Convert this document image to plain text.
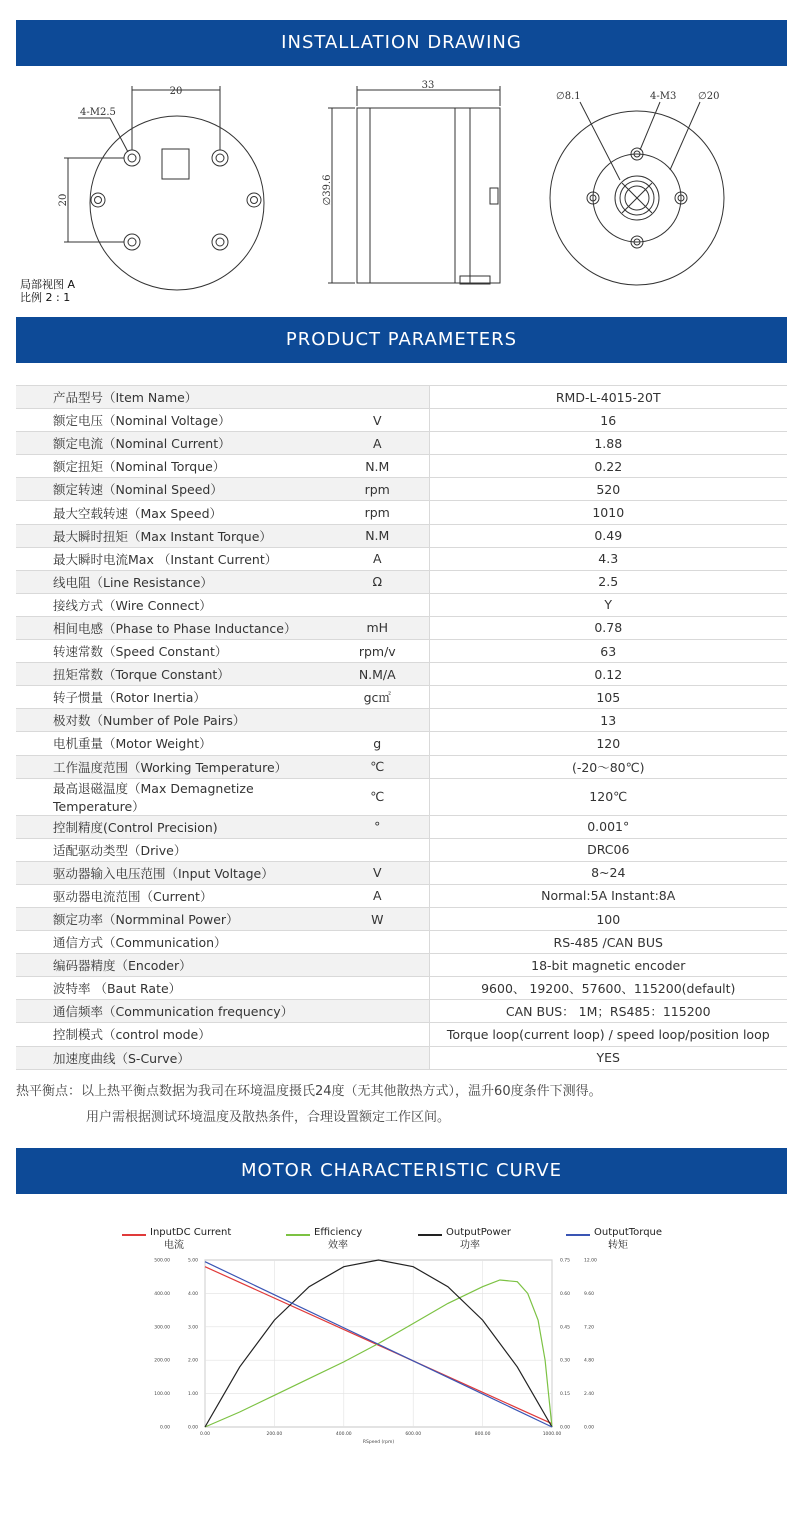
INSTALLATION DRAWING
20
20
4-M2.5
33
∅39.6
∅8.1	4-M3 ∅20
局部视图 A
比例 2 : 1
PRODUCT PARAMETERS
产品型号（Item Name）		RMD-L-4015-20T
额定电压（Nominal Voltage）	V	16
额定电流（Nominal Current）	A	1.88
额定扭矩（Nominal Torque）	N.M	0.22
额定转速（Nominal Speed）	rpm	520
最大空载转速（Max Speed）	rpm	1010
最大瞬时扭矩（Max Instant Torque）	N.M	0.49
最大瞬时电流Max （Instant Current）	A	4.3
线电阻（Line Resistance）	Ω	2.5
接线方式（Wire Connect）		Y
相间电感（Phase to Phase Inductance）	mH	0.78
转速常数（Speed Constant）	rpm/v	63
扭矩常数（Torque Constant）	N.M/A	0.12
转子惯量（Rotor Inertia）	gc㎡	105
极对数（Number of Pole Pairs）		13
电机重量（Motor Weight）	g	120
工作温度范围（Working Temperature）	℃	(-20～80℃)
最高退磁温度（Max Demagnetize Temperature）	℃	120℃
控制精度(Control Precision)	°	0.001°
适配驱动类型（Drive）		DRC06
驱动器输入电压范围（Input Voltage）	V	8~24
驱动器电流范围（Current）	A	Normal:5A Instant:8A
额定功率（Normminal Power）	W	100
通信方式（Communication）		RS-485 /CAN BUS
编码器精度（Encoder）		18-bit magnetic encoder
波特率 （Baut Rate）		9600、 19200、57600、115200(default)
通信频率（Communication frequency）		CAN BUS： 1M；RS485：115200
控制模式（control mode）		Torque loop(current loop) / speed loop/position loop
加速度曲线（S-Curve）		YES
热平衡点：以上热平衡点数据为我司在环境温度摄氏24度（无其他散热方式），温升60度条件下测得。
用户需根据测试环境温度及散热条件，合理设置额定工作区间。
MOTOR CHARACTERISTIC CURVE
InputDC Current
电流
Efficiency
效率
OutputPower
功率
OutputTorque
转矩
0.00	200.00	400.00	600.00	800.00	1000.00
0.00	0.00	0.00	0.00
100.00	1.00	0.15	2.40
200.00	2.00	0.30	4.80
300.00	3.00	0.45	7.20
400.00	4.00	0.60	9.60
500.00	5.00	0.75	12.00
RSpeed (rpm)
